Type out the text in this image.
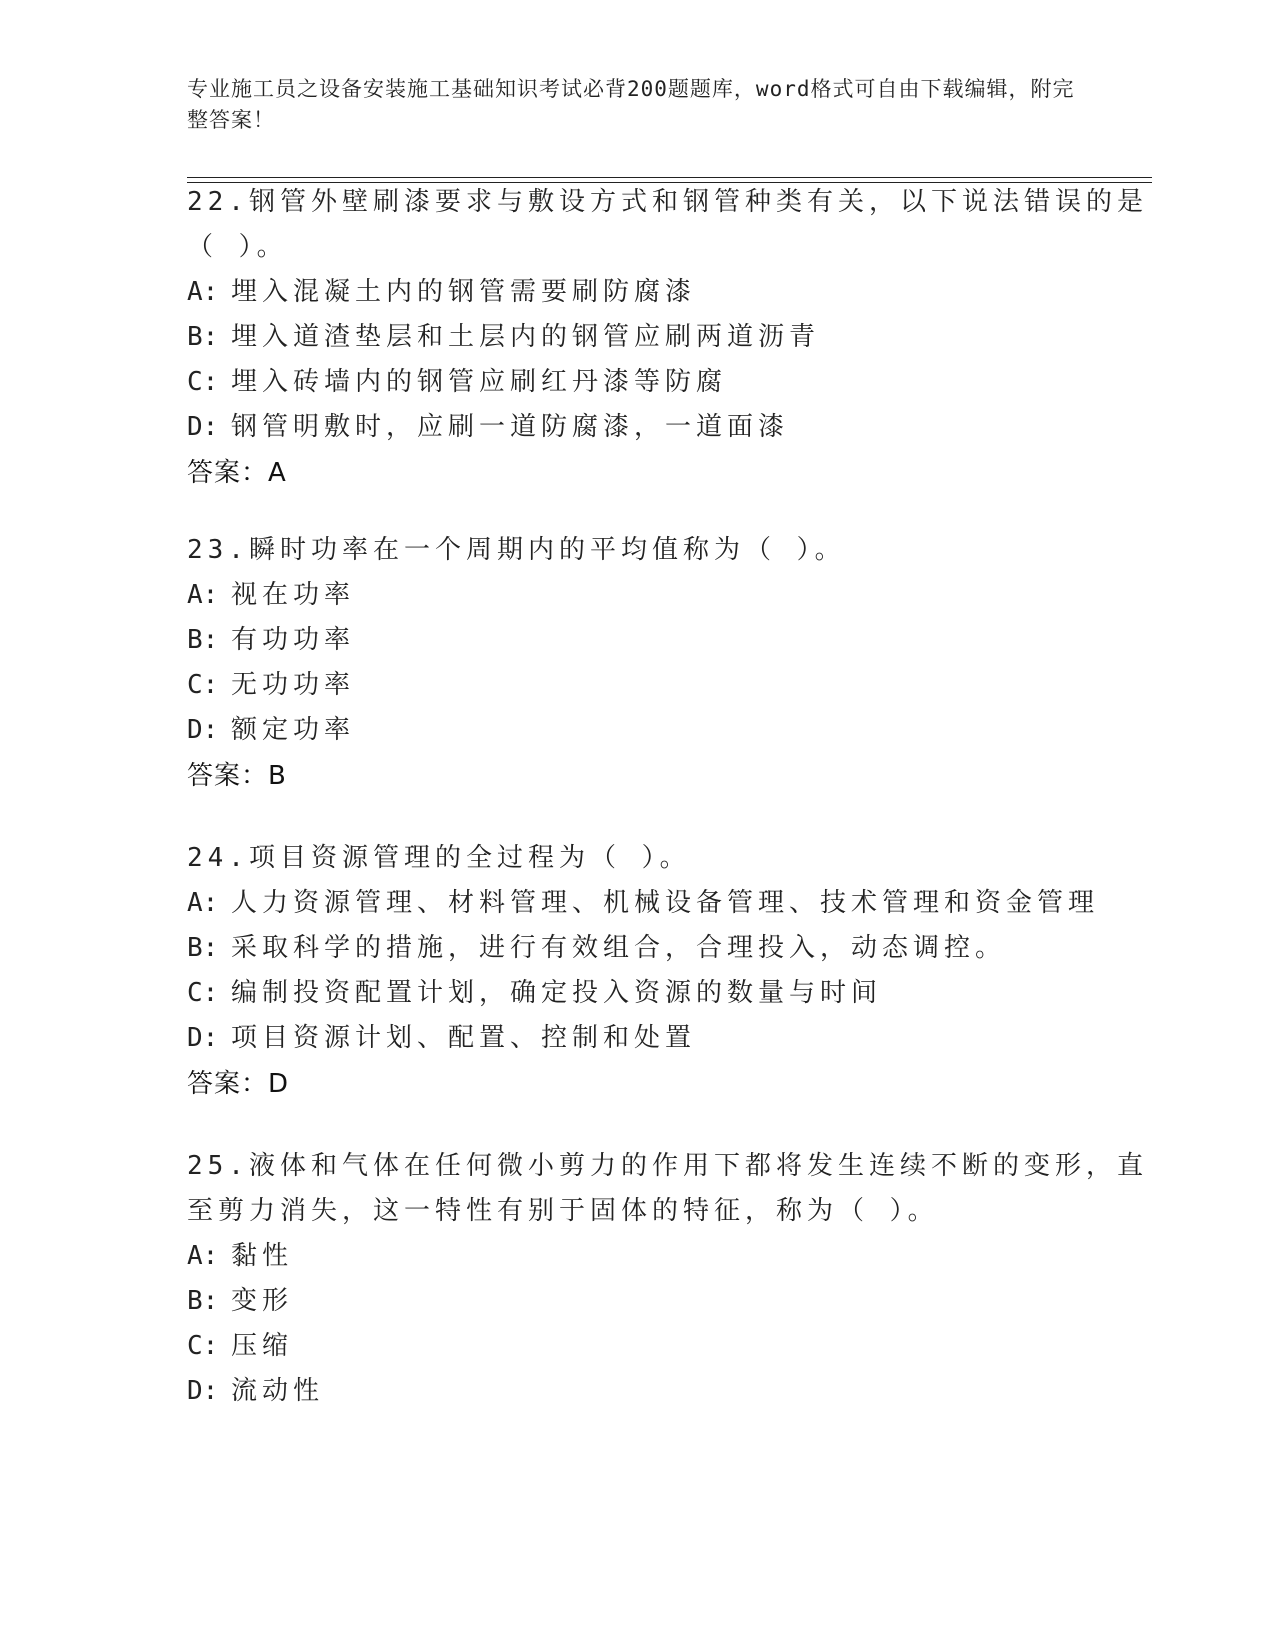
专业施工员之设备安装施工基础知识考试必背200题题库，word格式可自由下载编辑，附完整答案！
22.钢管外壁刷漆要求与敷设方式和钢管种类有关，以下说法错误的是
（ ）。
A: 埋入混凝土内的钢管需要刷防腐漆
B: 埋入道渣垫层和土层内的钢管应刷两道沥青
C: 埋入砖墙内的钢管应刷红丹漆等防腐
D: 钢管明敷时，应刷一道防腐漆，一道面漆
答案：A
23.瞬时功率在一个周期内的平均值称为（ ）。
A: 视在功率
B: 有功功率
C: 无功功率
D: 额定功率
答案：B
24.项目资源管理的全过程为（ ）。
A: 人力资源管理、材料管理、机械设备管理、技术管理和资金管理
B: 采取科学的措施，进行有效组合，合理投入，动态调控。
C: 编制投资配置计划，确定投入资源的数量与时间
D: 项目资源计划、配置、控制和处置
答案：D
25.液体和气体在任何微小剪力的作用下都将发生连续不断的变形，直
至剪力消失，这一特性有别于固体的特征，称为（ ）。
A: 黏性
B: 变形
C: 压缩
D: 流动性
